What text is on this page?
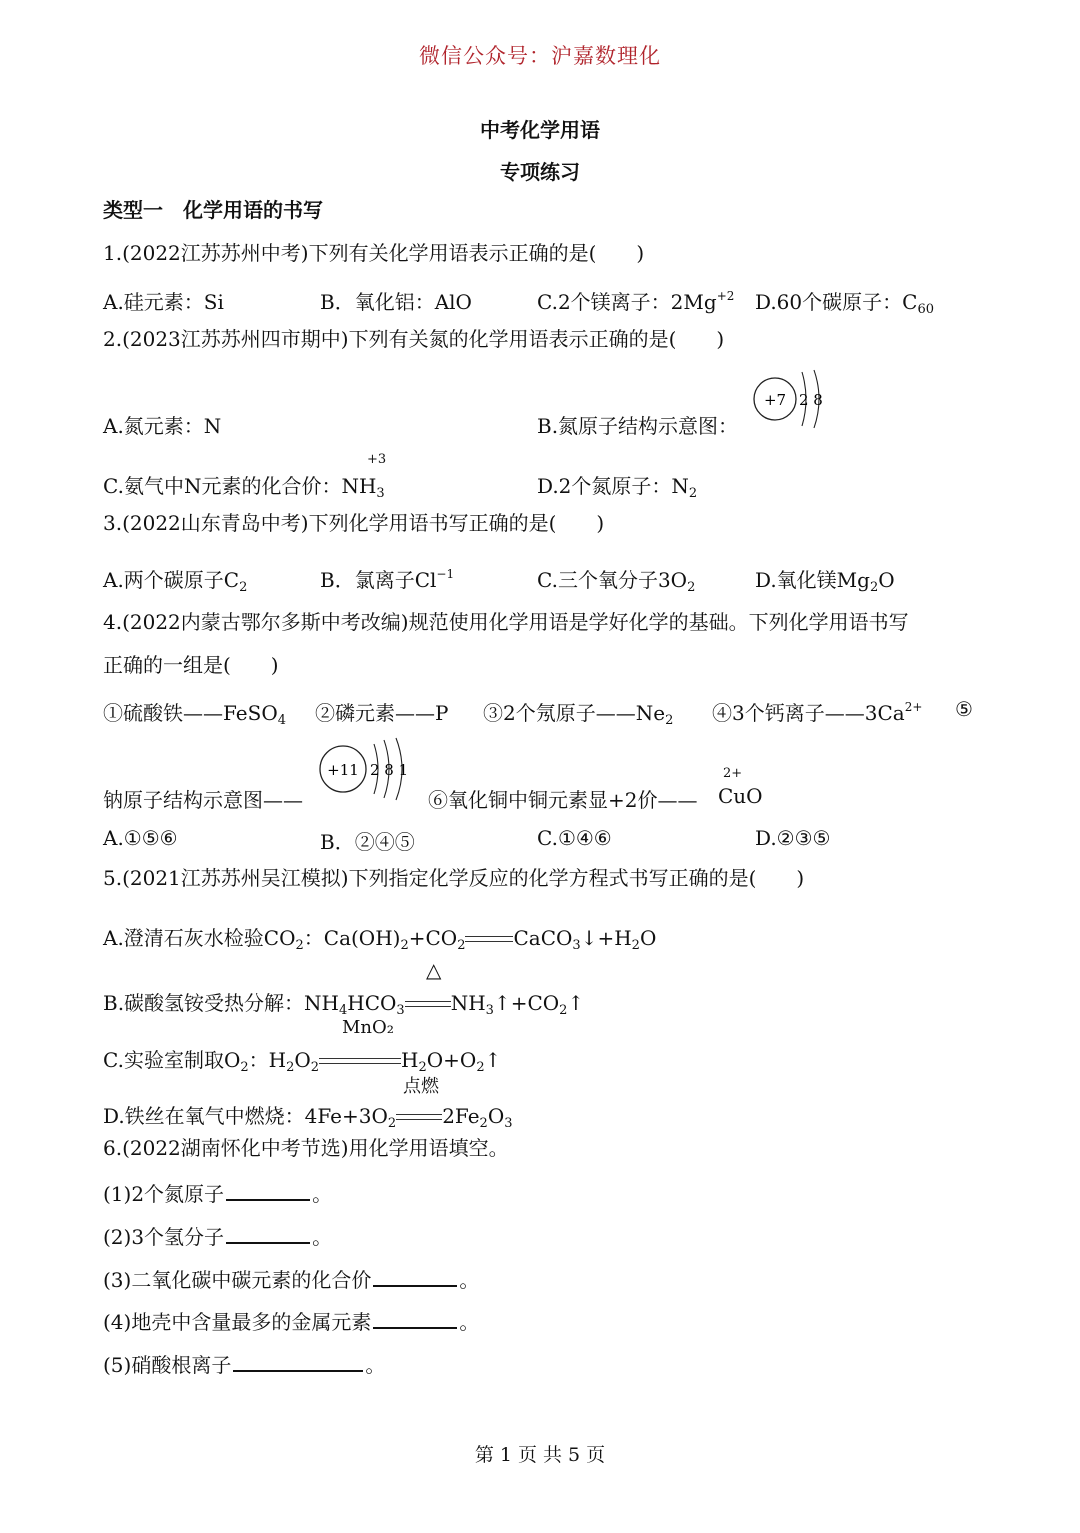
微信公众号：沪嘉数理化
中考化学用语
专项练习
类型一　化学用语的书写
1.(2022江苏苏州中考)下列有关化学用语表示正确的是(　　)
A.硅元素：Si	B．氧化铝：AlO	C.2个镁离子：$2Mg^{+2}$ D.60个碳原子：$C_{60}$
2.(2023江苏苏州四市期中)下列有关氮的化学用语表示正确的是(　　)
A.氮元素：N	B.氮原子结构示意图：
+7 2 8
+3
C.氨气中N元素的化合价：$NH_3$	D.2个氮原子：$N_2$
3.(2022山东青岛中考)下列化学用语书写正确的是(　　)
A.两个碳原子$C_2$	B．氯离子$Cl^{-1}$	C.三个氧分子$3O_2$	D.氧化镁$Mg_2O$
4.(2022内蒙古鄂尔多斯中考改编)规范使用化学用语是学好化学的基础。下列化学用语书写
正确的一组是(　　)
①硫酸铁——FeSO$_4$ ②磷元素——P ③2个氖原子$——Ne_2$ ④3个钙离子$——3Ca^{2+}$ ⑤
钠原子结构示意图——
+11 2 8 1
⑥氧化铜中铜元素显+2价——
2+
CuO
A.①⑤⑥	B．②④⑤	C.①④⑥	D.②③⑤
5.(2021江苏苏州吴江模拟)下列指定化学反应的化学方程式书写正确的是(　　)
A.澄清石灰水检验$CO_2$：$Ca(OH)_2+CO_2$ $CaCO_3↓+H_2O$
△
B.碳酸氢铵受热分解：$NH_4HCO_3$ $NH_3↑+CO_2↑$
MnO₂
C.实验室制取$O_2$：$H_2O_2$	$H_2O+O_2↑$
点燃
D.铁丝在氧气中燃烧：$4Fe+3O_2$ $2Fe_2O_3$
6.(2022湖南怀化中考节选)用化学用语填空。
(1)2个氮原子	。
(2)3个氢分子	。
(3)二氧化碳中碳元素的化合价	。
(4)地壳中含量最多的金属元素	。
(5)硝酸根离子	。
第 1 页 共 5 页
